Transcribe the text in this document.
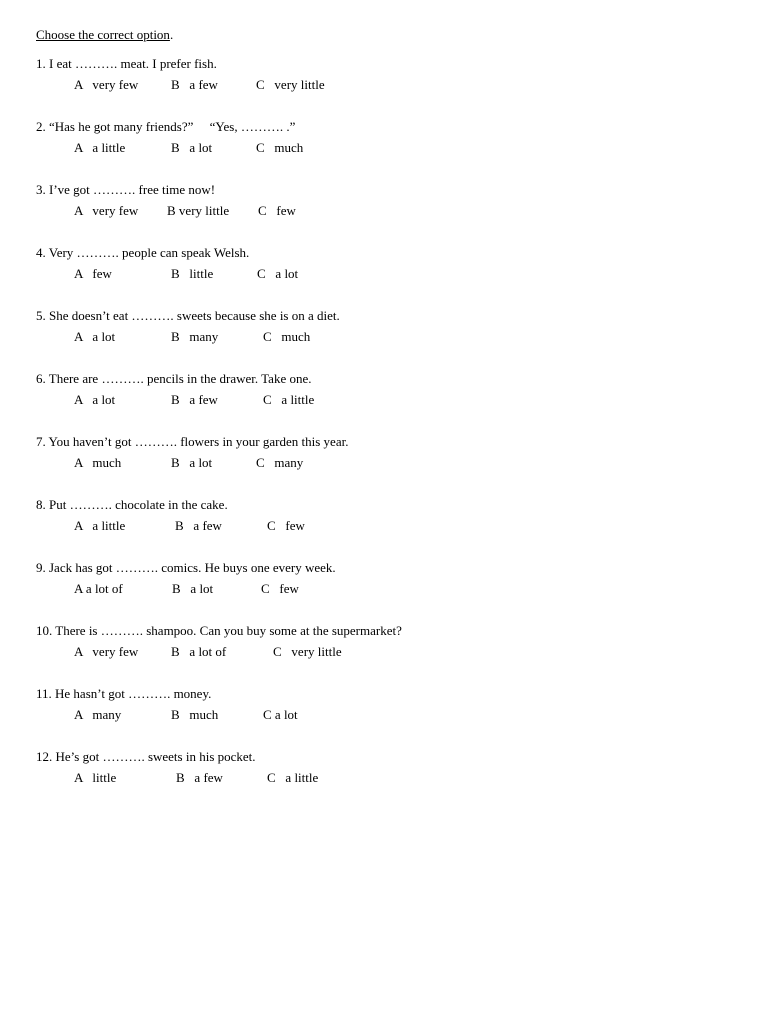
Choose the correct option.
1. I eat ………. meat. I prefer fish.
A   very few	B   a few	C   very little
2. “Has he got many friends?”     “Yes, ………. .”
A   a little	B   a lot	C   much
3. I’ve got ………. free time now!
A   very few B very little C   few
4. Very ………. people can speak Welsh.
A   few	B   little	C   a lot
5. She doesn’t eat ………. sweets because she is on a diet.
A   a lot	B   many	C   much
6. There are ………. pencils in the drawer. Take one.
A   a lot	B   a few	C   a little
7. You haven’t got ………. flowers in your garden this year.
A   much	B   a lot	C   many
8. Put ………. chocolate in the cake.
A   a little	B   a few	C   few
9. Jack has got ………. comics. He buys one every week.
A a lot of	B   a lot	C   few
10. There is ………. shampoo. Can you buy some at the supermarket?
A   very few	B   a lot of	C   very little
11. He hasn’t got ………. money.
A   many	B   much	C a lot
12. He’s got ………. sweets in his pocket.
A   little	B   a few	C   a little
